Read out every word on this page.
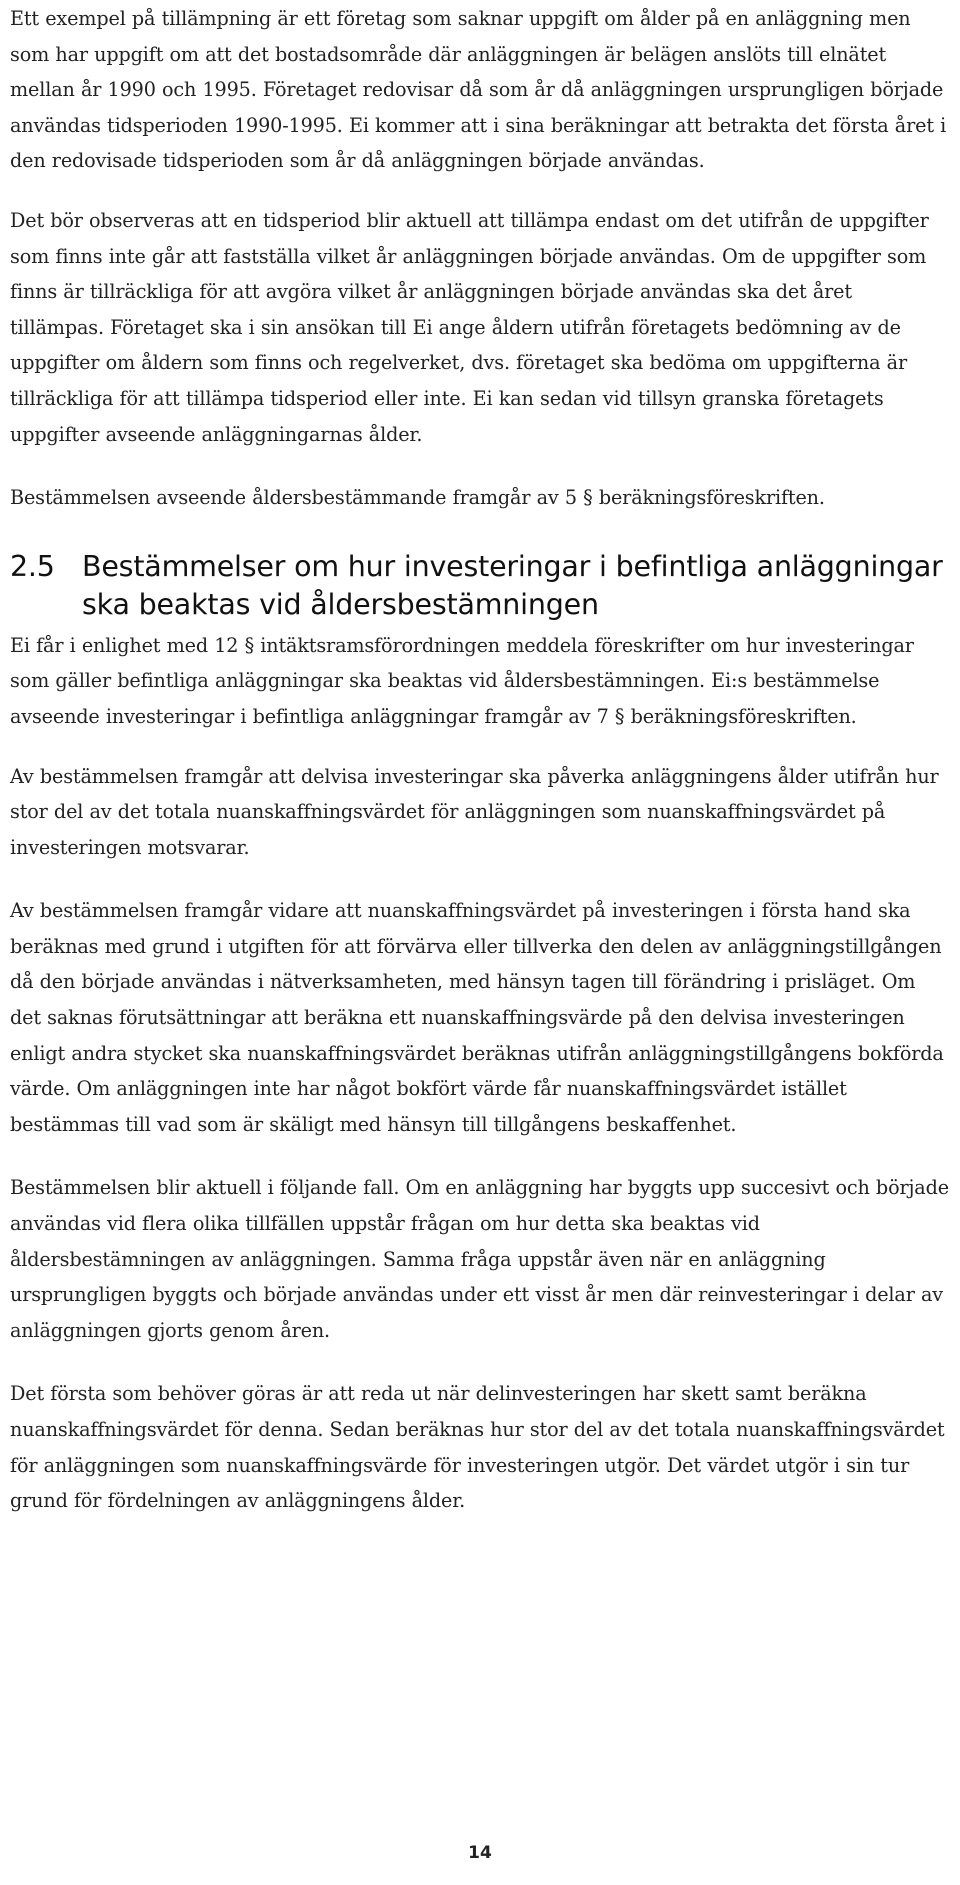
Ett exempel på tillämpning är ett företag som saknar uppgift om ålder på en anläggning men som har uppgift om att det bostadsområde där anläggningen är belägen anslöts till elnätet mellan år 1990 och 1995. Företaget redovisar då som år då anläggningen ursprungligen började användas tidsperioden 1990-1995. Ei kommer att i sina beräkningar att betrakta det första året i den redovisade tidsperioden som år då anläggningen började användas.

Det bör observeras att en tidsperiod blir aktuell att tillämpa endast om det utifrån de uppgifter som finns inte går att fastställa vilket år anläggningen började användas. Om de uppgifter som finns är tillräckliga för att avgöra vilket år anläggningen började användas ska det året tillämpas. Företaget ska i sin ansökan till Ei ange åldern utifrån företagets bedömning av de uppgifter om åldern som finns och regelverket, dvs. företaget ska bedöma om uppgifterna är tillräckliga för att tillämpa tidsperiod eller inte. Ei kan sedan vid tillsyn granska företagets uppgifter avseende anläggningarnas ålder.

Bestämmelsen avseende åldersbestämmande framgår av 5 § beräkningsföreskriften.

2.5 Bestämmelser om hur investeringar i befintliga anläggningar ska beaktas vid åldersbestämningen

Ei får i enlighet med 12 § intäktsramsförordningen meddela föreskrifter om hur investeringar som gäller befintliga anläggningar ska beaktas vid åldersbestämningen. Ei:s bestämmelse avseende investeringar i befintliga anläggningar framgår av 7 § beräkningsföreskriften.

Av bestämmelsen framgår att delvisa investeringar ska påverka anläggningens ålder utifrån hur stor del av det totala nuanskaffningsvärdet för anläggningen som nuanskaffningsvärdet på investeringen motsvarar.

Av bestämmelsen framgår vidare att nuanskaffningsvärdet på investeringen i första hand ska beräknas med grund i utgiften för att förvärva eller tillverka den delen av anläggningstillgången då den började användas i nätverksamheten, med hänsyn tagen till förändring i prisläget. Om det saknas förutsättningar att beräkna ett nuanskaffningsvärde på den delvisa investeringen enligt andra stycket ska nuanskaffningsvärdet beräknas utifrån anläggningstillgångens bokförda värde. Om anläggningen inte har något bokfört värde får nuanskaffningsvärdet istället bestämmas till vad som är skäligt med hänsyn till tillgångens beskaffenhet.

Bestämmelsen blir aktuell i följande fall. Om en anläggning har byggts upp succesivt och började användas vid flera olika tillfällen uppstår frågan om hur detta ska beaktas vid åldersbestämningen av anläggningen. Samma fråga uppstår även när en anläggning ursprungligen byggts och började användas under ett visst år men där reinvesteringar i delar av anläggningen gjorts genom åren.

Det första som behöver göras är att reda ut när delinvesteringen har skett samt beräkna nuanskaffningsvärdet för denna. Sedan beräknas hur stor del av det totala nuanskaffningsvärdet för anläggningen som nuanskaffningsvärde för investeringen utgör. Det värdet utgör i sin tur grund för fördelningen av anläggningens ålder.

14
